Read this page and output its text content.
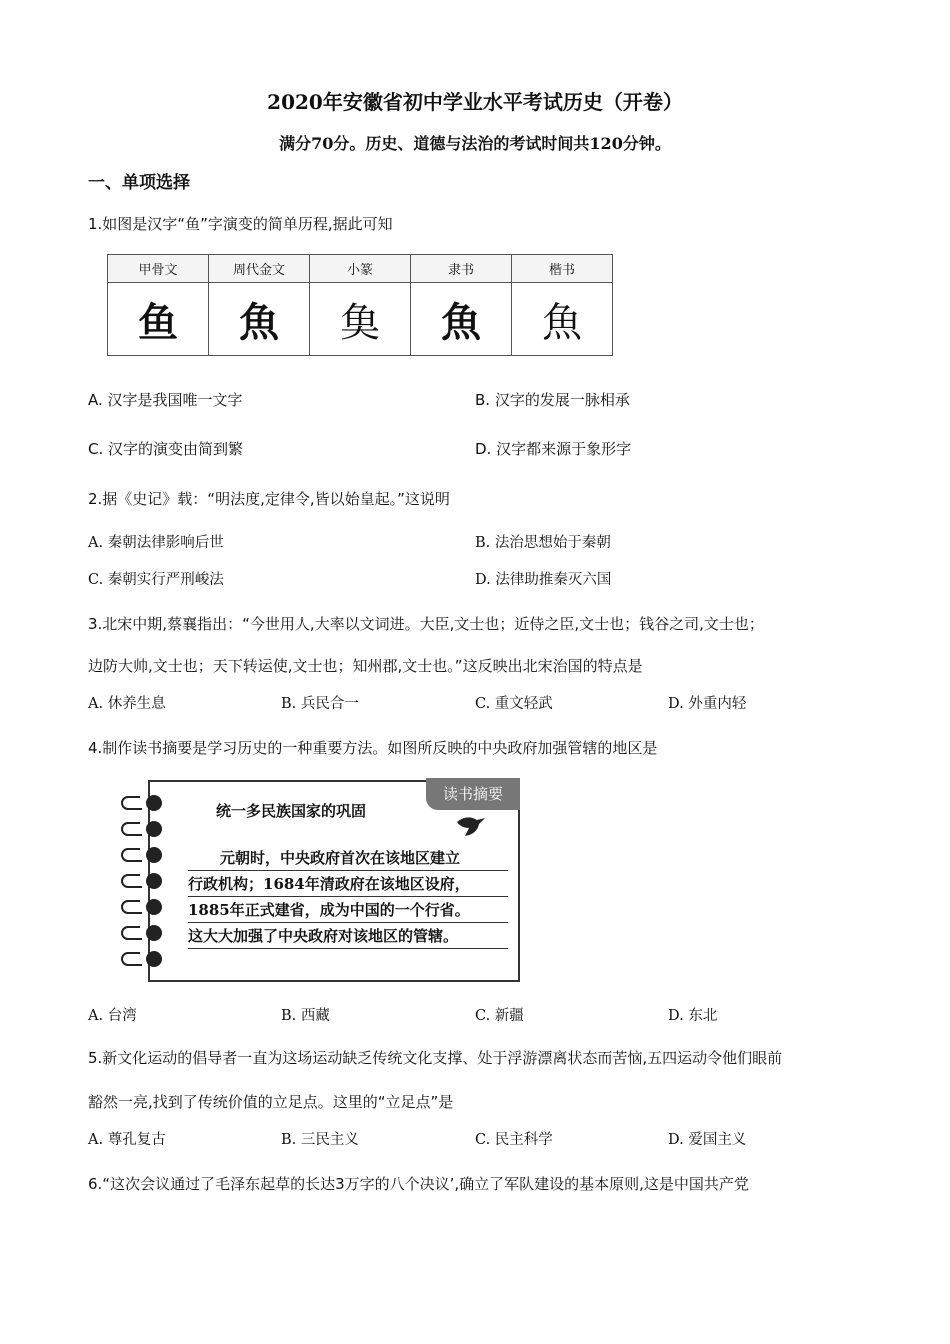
2020年安徽省初中学业水平考试历史（开卷）
满分70分。历史、道德与法治的考试时间共120分钟。
一、单项选择
1.如图是汉字“鱼”字演变的简单历程,据此可知
甲骨文	周代金文	小篆	隶书	楷书
鱼	魚	𩵋	魚	魚
A. 汉字是我国唯一文字	B. 汉字的发展一脉相承
C. 汉字的演变由简到繁	D. 汉字都来源于象形字
2.据《史记》载：“明法度,定律令,皆以始皇起。”这说明
A. 秦朝法律影响后世	B. 法治思想始于秦朝
C. 秦朝实行严刑峻法	D. 法律助推秦灭六国
3.北宋中期,蔡襄指出：“今世用人,大率以文词进。大臣,文士也；近侍之臣,文士也；钱谷之司,文士也；
边防大帅,文士也；天下转运使,文士也；知州郡,文士也。”这反映出北宋治国的特点是
A. 休养生息	B. 兵民合一	C. 重文轻武	D. 外重内轻
4.制作读书摘要是学习历史的一种重要方法。如图所反映的中央政府加强管辖的地区是
读书摘要
统一多民族国家的巩固
元朝时，中央政府首次在该地区建立
行政机构；1684年清政府在该地区设府，
1885年正式建省，成为中国的一个行省。
这大大加强了中央政府对该地区的管辖。
A. 台湾	B. 西藏	C. 新疆	D. 东北
5.新文化运动的倡导者一直为这场运动缺乏传统文化支撑、处于浮游漂离状态而苦恼,五四运动令他们眼前
豁然一亮,找到了传统价值的立足点。这里的“立足点”是
A. 尊孔复古	B. 三民主义	C. 民主科学	D. 爱国主义
6.“这次会议通过了毛泽东起草的长达3万字的八个决议’,确立了军队建设的基本原则,这是中国共产党
